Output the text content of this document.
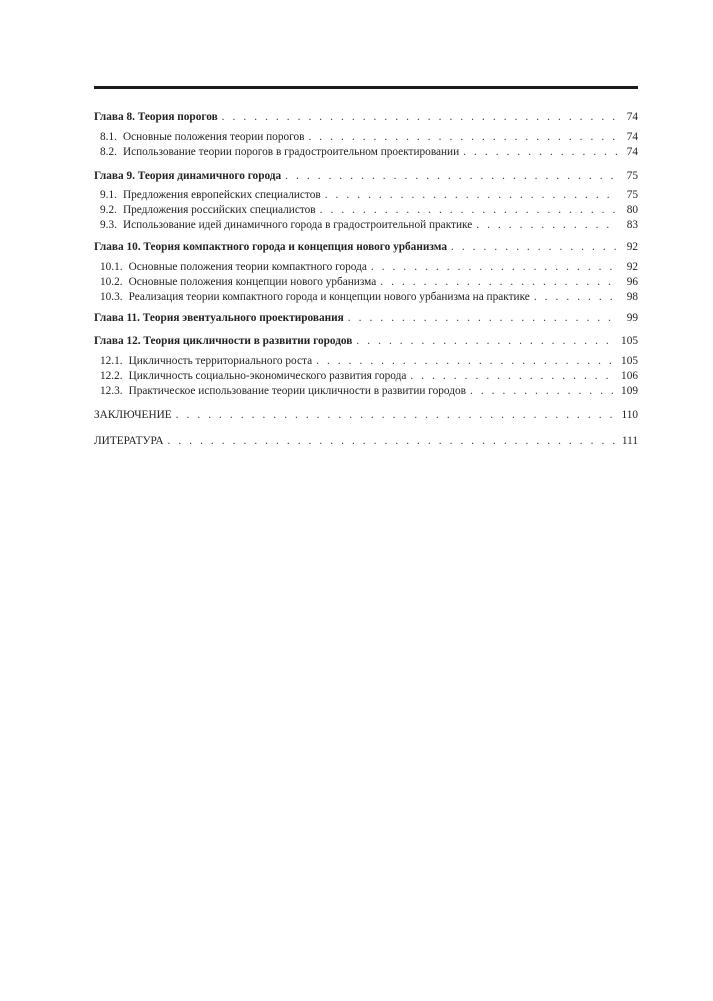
Глава 8. Теория порогов . . .	74
8.1. Основные положения теории порогов . . .	74
8.2. Использование теории порогов в градостроительном проектировании . . .	74
Глава 9. Теория динамичного города . . .	75
9.1. Предложения европейских специалистов . . .	75
9.2. Предложения российских специалистов . . .	80
9.3. Использование идей динамичного города в градостроительной практике . . .	83
Глава 10. Теория компактного города и концепция нового урбанизма . . .	92
10.1. Основные положения теории компактного города . . .	92
10.2. Основные положения концепции нового урбанизма . . .	96
10.3. Реализация теории компактного города и концепции нового урбанизма на практике . . .	98
Глава 11. Теория эвентуального проектирования . . .	99
Глава 12. Теория цикличности в развитии городов . . .	105
12.1. Цикличность территориального роста . . .	105
12.2. Цикличность социально-экономического развития города . . .	106
12.3. Практическое использование теории цикличности в развитии городов . . .	109
ЗАКЛЮЧЕНИЕ . . .	110
ЛИТЕРАТУРА . . .	111
